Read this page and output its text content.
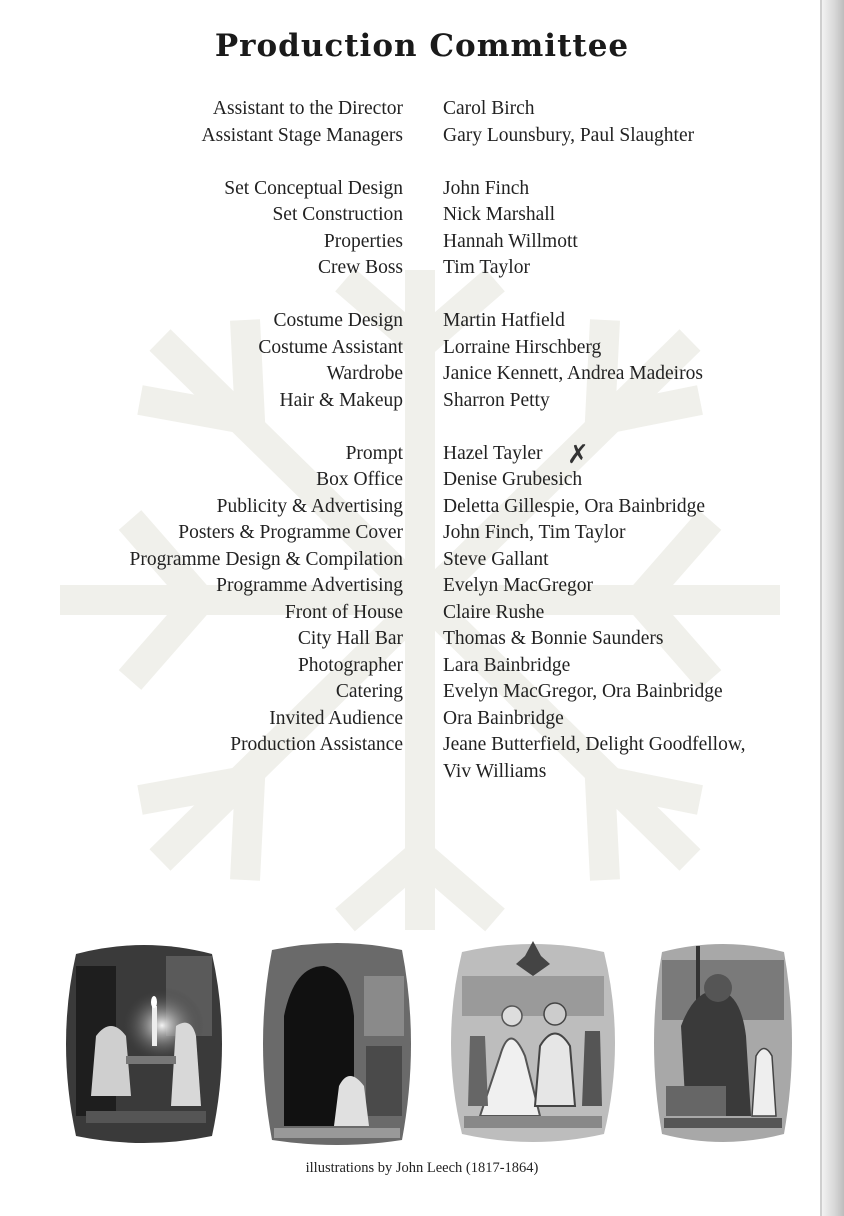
Production Committee
Assistant to the Director Carol Birch
Assistant Stage Managers Gary Lounsbury, Paul Slaughter
Set Conceptual Design John Finch
Set Construction Nick Marshall
Properties Hannah Willmott
Crew Boss Tim Taylor
Costume Design Martin Hatfield
Costume Assistant Lorraine Hirschberg
Wardrobe Janice Kennett, Andrea Madeiros
Hair & Makeup Sharron Petty
Prompt Hazel Tayler
Box Office Denise Grubesich
Publicity & Advertising Deletta Gillespie, Ora Bainbridge
Posters & Programme Cover John Finch, Tim Taylor
Programme Design & Compilation Steve Gallant
Programme Advertising Evelyn MacGregor
Front of House Claire Rushe
City Hall Bar Thomas & Bonnie Saunders
Photographer Lara Bainbridge
Catering Evelyn MacGregor, Ora Bainbridge
Invited Audience Ora Bainbridge
Production Assistance Jeane Butterfield, Delight Goodfellow,
Viv Williams
✗
illustrations by John Leech (1817-1864)
